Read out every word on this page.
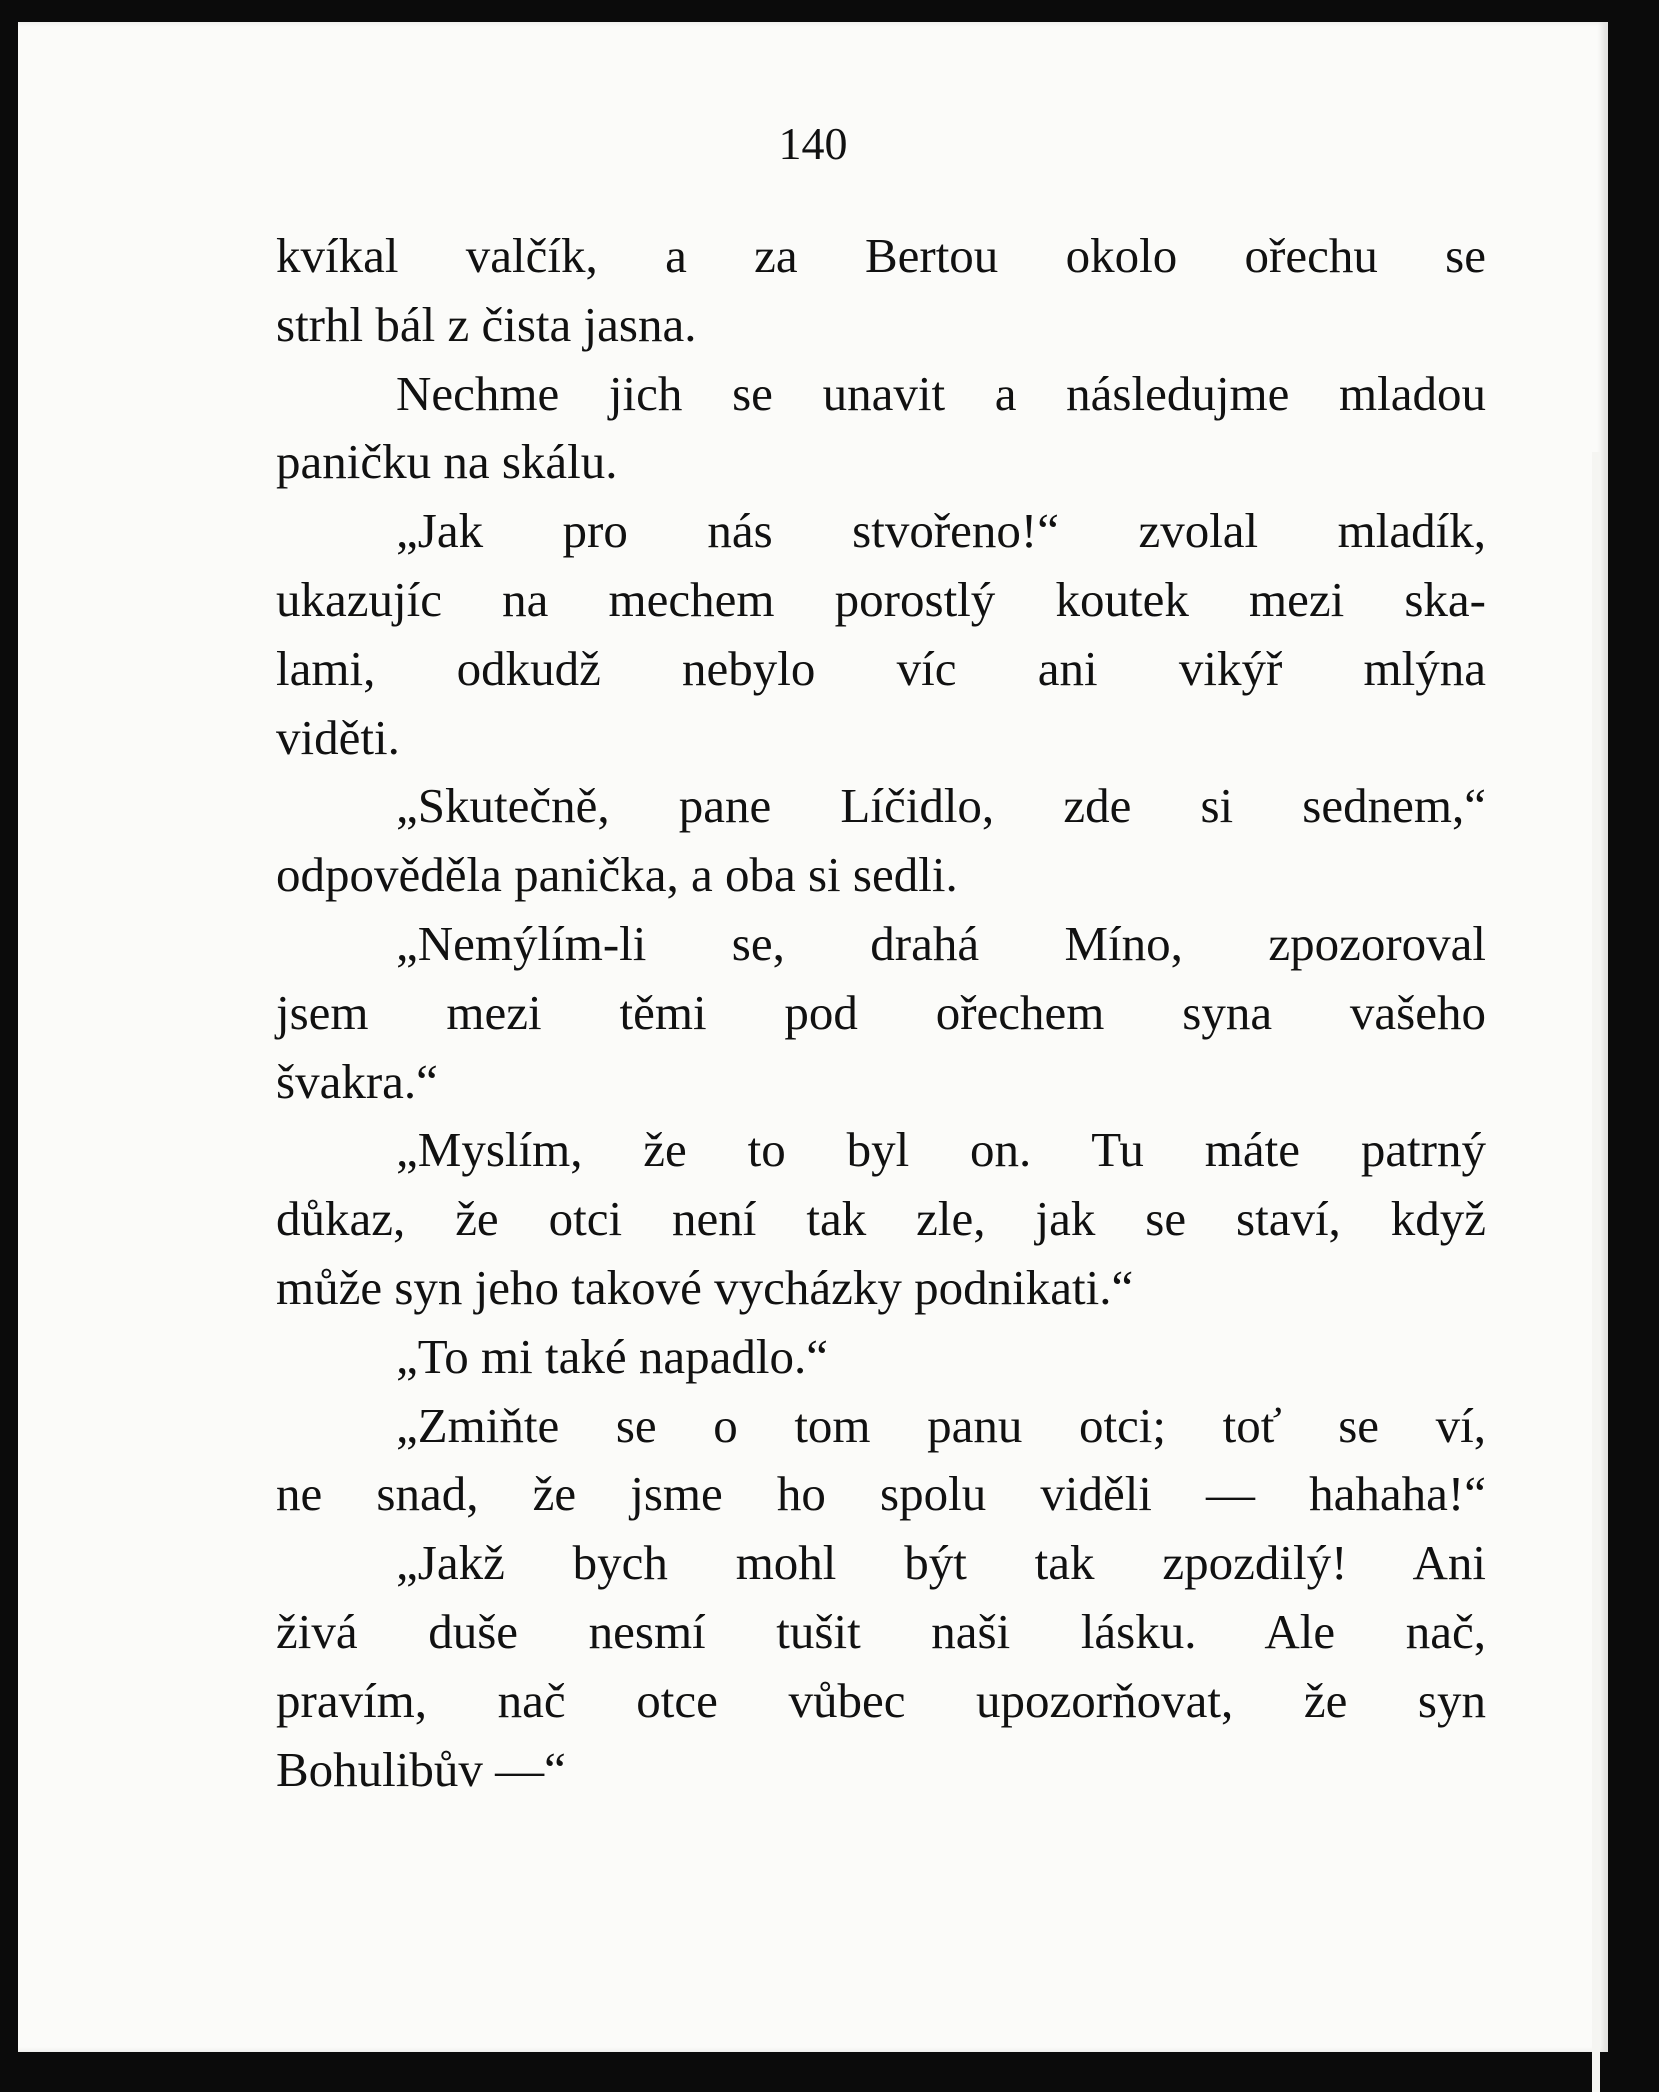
140
kvíkal valčík, a za Bertou okolo ořechu se
strhl bál z čista jasna.
Nechme jich se unavit a následujme mladou
paničku na skálu.
„Jak pro nás stvořeno!“ zvolal mladík,
ukazujíc na mechem porostlý koutek mezi ska-
lami, odkudž nebylo víc ani vikýř mlýna
viděti.
„Skutečně, pane Líčidlo, zde si sednem,“
odpověděla panička, a oba si sedli.
„Nemýlím-li se, drahá Míno, zpozoroval
jsem mezi těmi pod ořechem syna vašeho
švakra.“
„Myslím, že to byl on. Tu máte patrný
důkaz, že otci není tak zle, jak se staví, když
může syn jeho takové vycházky podnikati.“
„To mi také napadlo.“
„Zmiňte se o tom panu otci; toť se ví,
ne snad, že jsme ho spolu viděli — hahaha!“
„Jakž bych mohl být tak zpozdilý! Ani
živá duše nesmí tušit naši lásku. Ale nač,
pravím, nač otce vůbec upozorňovat, že syn
Bohulibův —“
